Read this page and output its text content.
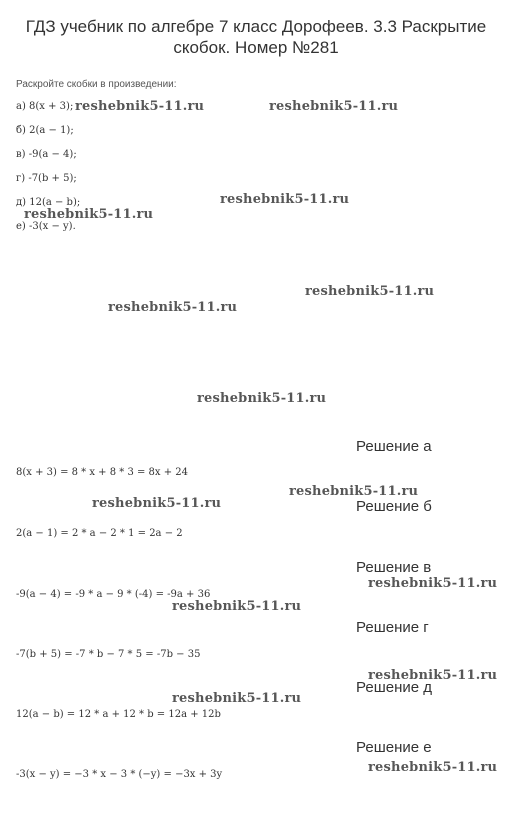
ГДЗ учебник по алгебре 7 класс Дорофеев. 3.3 Раскрытие скобок. Номер №281
Раскройте скобки в произведении:
а) 8(x + 3);
б) 2(a − 1);
в) -9(a − 4);
г) -7(b + 5);
д) 12(a − b);
е) -3(x − y).
Решение а
8(x + 3) = 8 * x + 8 * 3 = 8x + 24
Решение б
2(a − 1) = 2 * a − 2 * 1 = 2a − 2
Решение в
-9(a − 4) = -9 * a − 9 * (-4) = -9a + 36
Решение г
-7(b + 5) = -7 * b − 7 * 5 = -7b − 35
Решение д
12(a − b) = 12 * a + 12 * b = 12a + 12b
Решение е
-3(x − y) = −3 * x − 3 * (−y) = −3x + 3y
reshebnik5-11.ru	reshebnik5-11.ru
reshebnik5-11.ru
reshebnik5-11.ru
reshebnik5-11.ru
reshebnik5-11.ru
reshebnik5-11.ru
reshebnik5-11.ru
reshebnik5-11.ru
reshebnik5-11.ru
reshebnik5-11.ru
reshebnik5-11.ru
reshebnik5-11.ru
reshebnik5-11.ru
